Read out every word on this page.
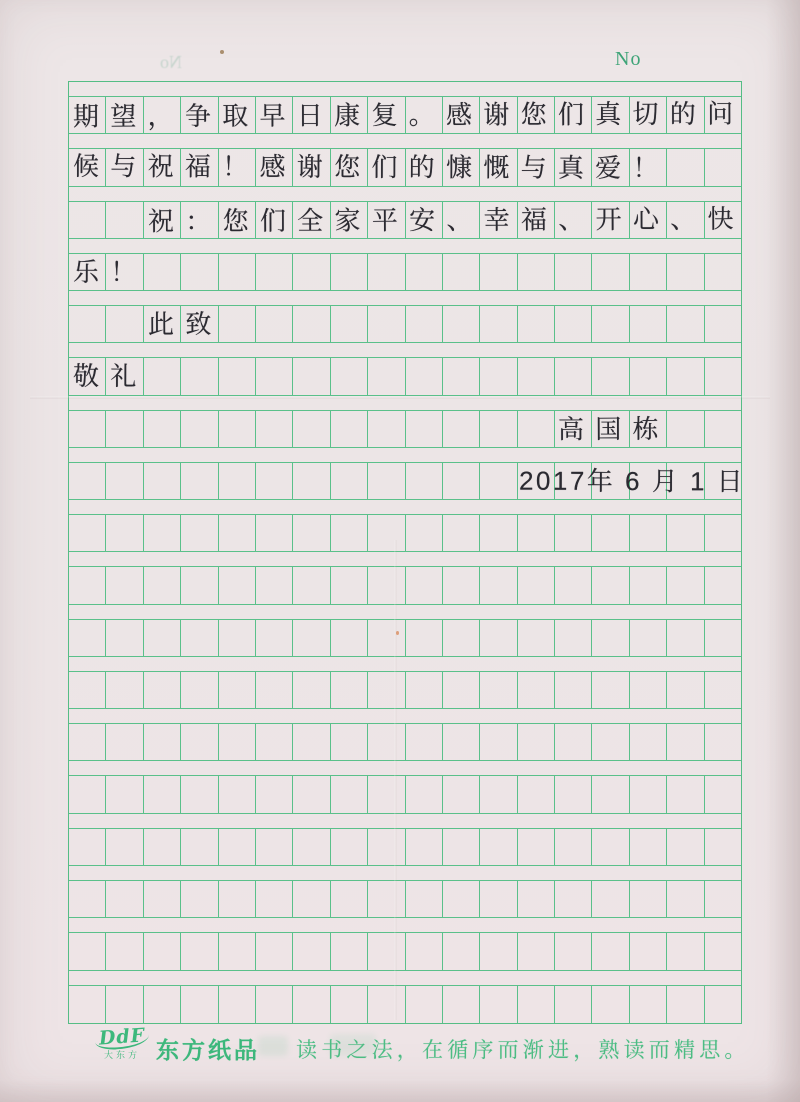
No	No
期望，争取早日康复。感谢您们真切的问
候与祝福！感谢您们的慷慨与真爱！
祝：您们全家平安、幸福、开心、快
乐！
此致
敬礼
高国栋
2017年 6 月 1 日
DdF
大东方 东方纸品 读书之法，在循序而渐进，熟读而精思。
